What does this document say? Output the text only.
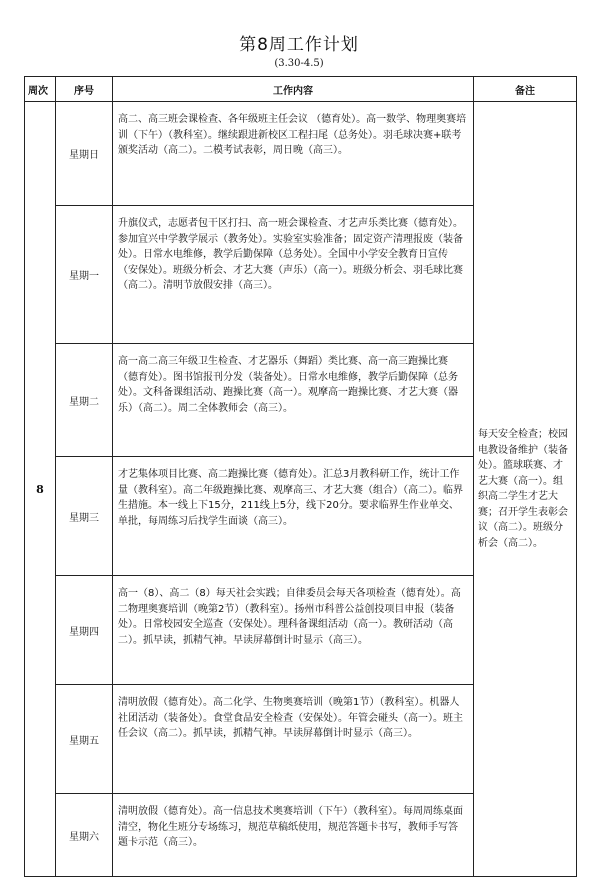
第8周工作计划
(3.30-4.5)
周次	序号	工作内容	备注
8	星期日	高二、高三班会课检查、各年级班主任会议 （德育处）。高一数学、物理奥赛培训（下午）（教科室）。继续跟进新校区工程扫尾（总务处）。羽毛球决赛+联考颁奖活动（高二）。二模考试表彰，周日晚（高三）。	每天安全检查；校园电教设备维护（装备处）。篮球联赛、才艺大赛（高一）。组织高二学生才艺大赛；召开学生表彰会议（高二）。班级分析会（高二）。
	星期一	升旗仪式，志愿者包干区打扫、高一班会课检查、才艺声乐类比赛（德育处）。参加宜兴中学教学展示（教务处）。实验室实验准备；固定资产清理报废（装备处）。日常水电维修，教学后勤保障（总务处）。全国中小学安全教育日宣传（安保处）。班级分析会、才艺大赛（声乐）（高一）。班级分析会、羽毛球比赛（高二）。清明节放假安排（高三）。	
	星期二	高一高二高三年级卫生检查、才艺器乐（舞蹈）类比赛、高一高三跑操比赛（德育处）。图书馆报刊分发（装备处）。日常水电维修，教学后勤保障（总务处）。文科备课组活动、跑操比赛（高一）。观摩高一跑操比赛、才艺大赛（器乐）（高二）。周二全体教师会（高三）。	
	星期三	才艺集体项目比赛、高二跑操比赛（德育处）。汇总3月教科研工作，统计工作量（教科室）。高二年级跑操比赛、观摩高三、才艺大赛（组合）（高二）。临界生措施。本一线上下15分，211线上5分，线下20分。要求临界生作业单交、单批，每周练习后找学生面谈（高三）。	
	星期四	高一（8）、高二（8）每天社会实践；自律委员会每天各项检查（德育处）。高二物理奥赛培训（晚第2节）（教科室）。扬州市科普公益创投项目申报（装备处）。日常校园安全巡查（安保处）。理科备课组活动（高一）。教研活动（高二）。抓早读，抓精气神。早读屏幕倒计时显示（高三）。	
	星期五	清明放假（德育处）。高二化学、生物奥赛培训（晚第1节）（教科室）。机器人社团活动（装备处）。食堂食品安全检查（安保处）。年管会碰头（高一）。班主任会议（高二）。抓早读，抓精气神。早读屏幕倒计时显示（高三）。	
	星期六	清明放假（德育处）。高一信息技术奥赛培训（下午）（教科室）。每周周练桌面清空，物化生班分专场练习，规范草稿纸使用，规范答题卡书写，教师手写答题卡示范（高三）。	
